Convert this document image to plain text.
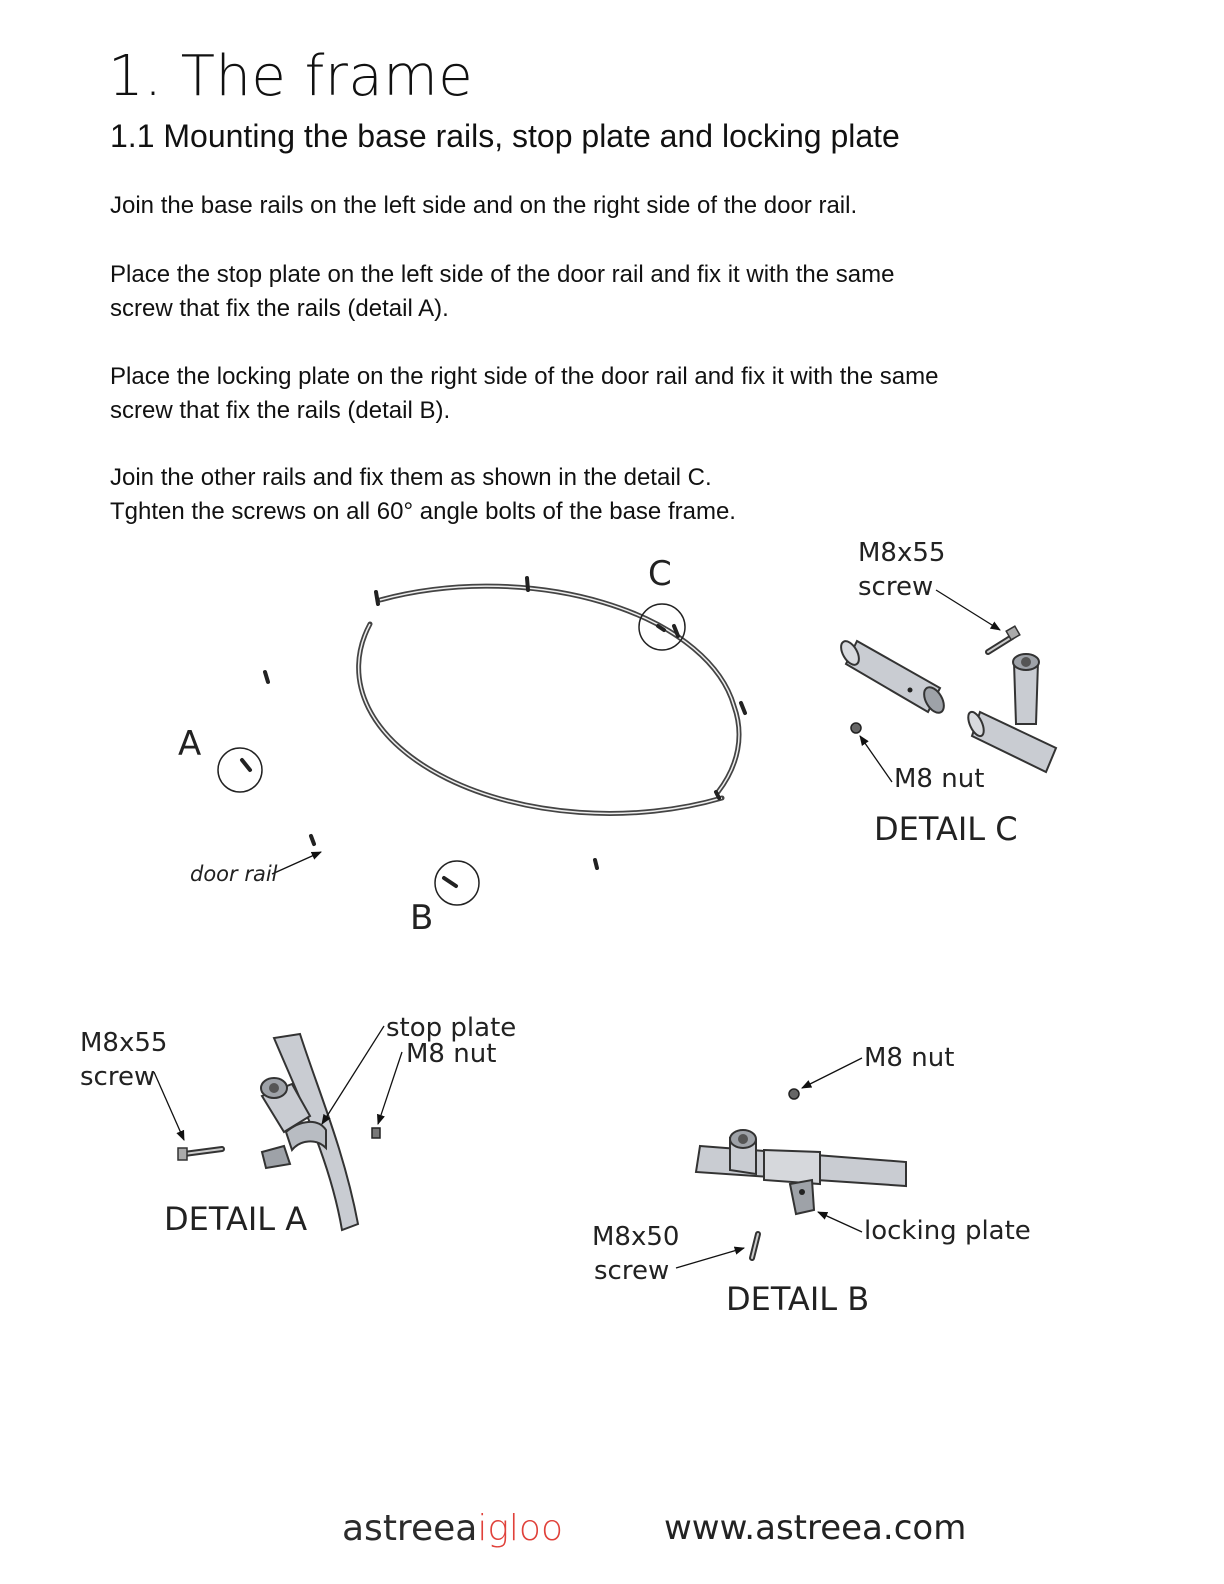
1. The frame
1.1 Mounting the base rails, stop plate and locking plate
Join the base rails on the left side and on the right side of the door rail.
Place the stop plate on the left side of the door rail and fix it with the same
screw that fix the rails (detail A).
Place the locking plate on the right side of the door rail and fix it with the same
screw that fix the rails (detail B).
Join the other rails and fix them as shown in the detail C.
Tghten the screws on all 60° angle bolts of the base frame.
A
B
C
door rail
M8x55
screw
M8 nut
DETAIL C
M8x55
screw
stop plate
M8 nut
DETAIL A
M8 nut
locking plate
M8x50
screw
DETAIL B
astreeaigloo	www.astreea.com
